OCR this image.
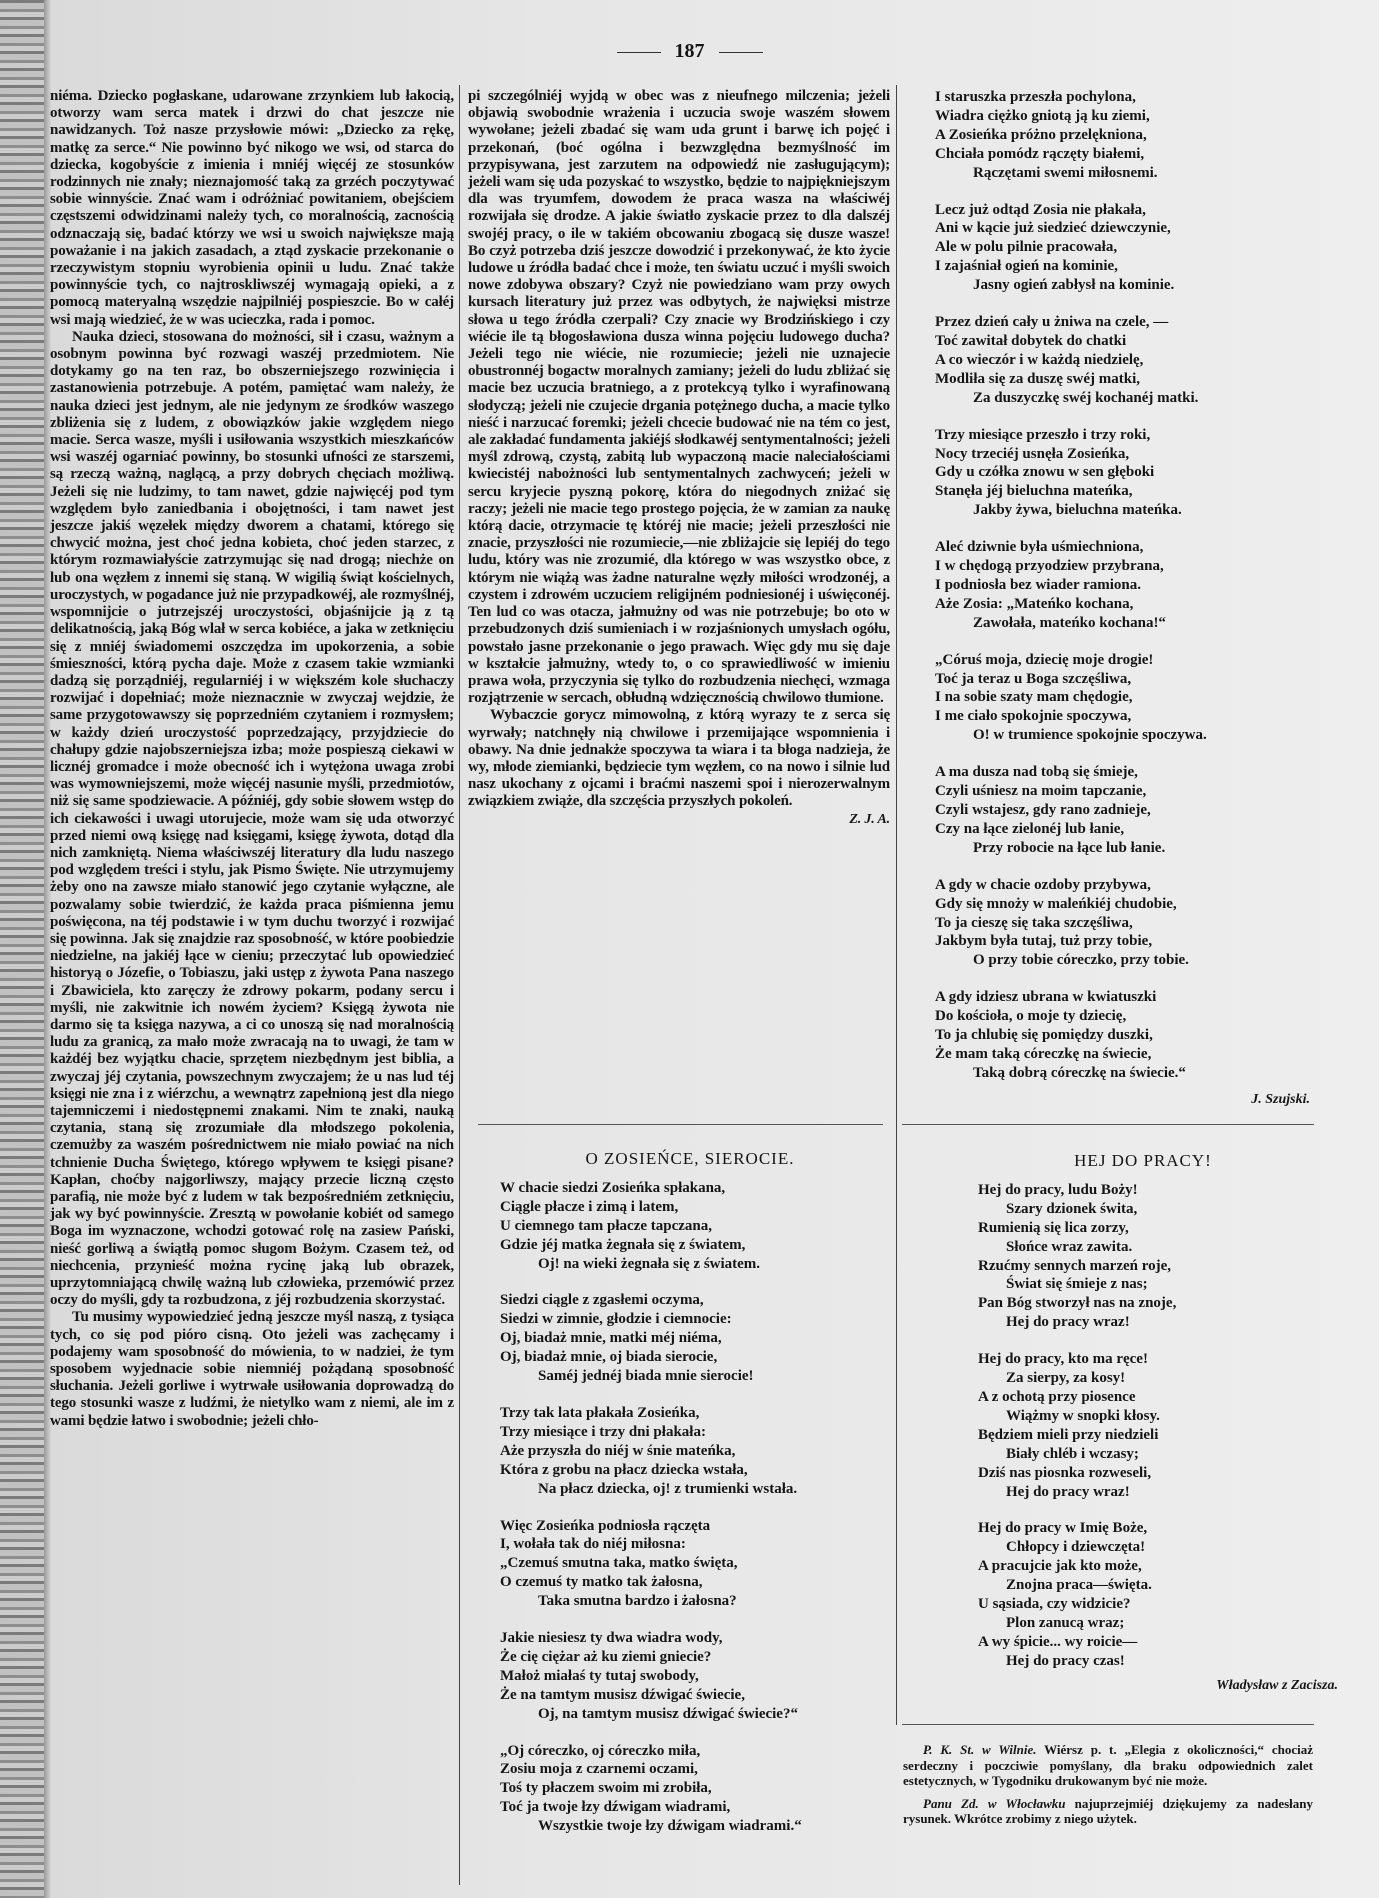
187

niéma. Dziecko pogłaskane, udarowane zrzynkiem lub łakocią, otworzy wam serca matek i drzwi do chat jeszcze nie nawidzanych. Toż nasze przysłowie mówi: „Dziecko za rękę, matkę za serce.“ Nie powinno być nikogo we wsi, od starca do dziecka, kogobyście z imienia i mniéj więcéj ze stosunków rodzinnych nie znały; nieznajomość taką za grzéch poczytywać sobie winnyście. Znać wam i odróżniać powitaniem, obejściem częstszemi odwidzinami należy tych, co moralnością, zacnością odznaczają się, badać którzy we wsi u swoich największe mają poważanie i na jakich zasadach, a ztąd zyskacie przekonanie o rzeczywistym stopniu wyrobienia opinii u ludu. Znać także powinnyście tych, co najtroskliwszéj wymagają opieki, a z pomocą materyalną wszędzie najpilniéj pospieszcie. Bo w całéj wsi mają wiedzieć, że w was ucieczka, rada i pomoc.

Nauka dzieci, stosowana do możności, sił i czasu, ważnym a osobnym powinna być rozwagi waszéj przedmiotem. Nie dotykamy go na ten raz, bo obszerniejszego rozwinięcia i zastanowienia potrzebuje. A potém, pamiętać wam należy, że nauka dzieci jest jednym, ale nie jedynym ze środków waszego zbliżenia się z ludem, z obowiązków jakie względem niego macie. Serca wasze, myśli i usiłowania wszystkich mieszkańców wsi waszéj ogarniać powinny, bo stosunki ufności ze starszemi, są rzeczą ważną, naglącą, a przy dobrych chęciach możliwą. Jeżeli się nie ludzimy, to tam nawet, gdzie najwięcéj pod tym względem było zaniedbania i obojętności, i tam nawet jest jeszcze jakiś węzełek między dworem a chatami, którego się chwycić można, jest choć jedna kobieta, choć jeden starzec, z którym rozmawiałyście zatrzymując się nad drogą; niechże on lub ona węzłem z innemi się staną. W wigilią świąt kościelnych, uroczystych, w pogadance już nie przypadkowéj, ale rozmyślnéj, wspomnijcie o jutrzejszéj uroczystości, objaśnijcie ją z tą delikatnością, jaką Bóg wlał w serca kobiéce, a jaka w zetknięciu się z mniéj świadomemi oszczędza im upokorzenia, a sobie śmieszności, którą pycha daje. Może z czasem takie wzmianki dadzą się porządniéj, regularniéj i w większém kole słuchaczy rozwijać i dopełniać; może nieznacznie w zwyczaj wejdzie, że same przygotowawszy się poprzedniém czytaniem i rozmysłem; w każdy dzień uroczystość poprzedzający, przyjdziecie do chałupy gdzie najobszerniejsza izba; może pospieszą ciekawi w licznéj gromadce i może obecność ich i wytężona uwaga zrobi was wymowniejszemi, może więcéj nasunie myśli, przedmiotów, niż się same spodziewacie. A późniéj, gdy sobie słowem wstęp do ich ciekawości i uwagi utorujecie, może wam się uda otworzyć przed niemi ową księgę nad księgami, księgę żywota, dotąd dla nich zamkniętą. Niema właściwszéj literatury dla ludu naszego pod względem treści i stylu, jak Pismo Święte. Nie utrzymujemy żeby ono na zawsze miało stanowić jego czytanie wyłączne, ale pozwalamy sobie twierdzić, że każda praca piśmienna jemu poświęcona, na téj podstawie i w tym duchu tworzyć i rozwijać się powinna. Jak się znajdzie raz sposobność, w które poobiedzie niedzielne, na jakiéj łące w cieniu; przeczytać lub opowiedzieć historyą o Józefie, o Tobiaszu, jaki ustęp z żywota Pana naszego i Zbawiciela, kto zaręczy że zdrowy pokarm, podany sercu i myśli, nie zakwitnie ich nowém życiem? Księgą żywota nie darmo się ta księga nazywa, a ci co unoszą się nad moralnością ludu za granicą, za mało może zwracają na to uwagi, że tam w każdéj bez wyjątku chacie, sprzętem niezbędnym jest biblia, a zwyczaj jéj czytania, powszechnym zwyczajem; że u nas lud téj księgi nie zna i z wiérzchu, a wewnątrz zapełnioną jest dla niego tajemniczemi i niedostępnemi znakami. Nim te znaki, nauką czytania, staną się zrozumiałe dla młodszego pokolenia, czemużby za waszém pośrednictwem nie miało powiać na nich tchnienie Ducha Świętego, którego wpływem te księgi pisane? Kapłan, choćby najgorliwszy, mający przecie liczną często parafią, nie może być z ludem w tak bezpośredniém zetknięciu, jak wy być powinnyście. Zresztą w powołanie kobiét od samego Boga im wyznaczone, wchodzi gotować rolę na zasiew Pański, nieść gorliwą a świątłą pomoc sługom Bożym. Czasem też, od niechcenia, przynieść można rycinę jaką lub obrazek, uprzytomniającą chwilę ważną lub człowieka, przemówić przez oczy do myśli, gdy ta rozbudzona, z jéj rozbudzenia skorzystać.

Tu musimy wypowiedzieć jedną jeszcze myśl naszą, z tysiąca tych, co się pod pióro cisną. Oto jeżeli was zachęcamy i podajemy wam sposobność do mówienia, to w nadziei, że tym sposobem wyjednacie sobie niemniéj pożądaną sposobność słuchania. Jeżeli gorliwe i wytrwałe usiłowania doprowadzą do tego stosunki wasze z ludźmi, że nietylko wam z niemi, ale im z wami będzie łatwo i swobodnie; jeżeli chło-

pi szczególniéj wyjdą w obec was z nieufnego milczenia; jeżeli objawią swobodnie wrażenia i uczucia swoje waszém słowem wywołane; jeżeli zbadać się wam uda grunt i barwę ich pojęć i przekonań, (boć ogólna i bezwzględna bezmyślność im przypisywana, jest zarzutem na odpowiedź nie zasługującym); jeżeli wam się uda pozyskać to wszystko, będzie to najpiękniejszym dla was tryumfem, dowodem że praca wasza na właściwéj rozwijała się drodze. A jakie światło zyskacie przez to dla dalszéj swojéj pracy, o ile w takiém obcowaniu zbogacą się dusze wasze! Bo czyż potrzeba dziś jeszcze dowodzić i przekonywać, że kto życie ludowe u źródła badać chce i może, ten światu uczuć i myśli swoich nowe zdobywa obszary? Czyż nie powiedziano wam przy owych kursach literatury już przez was odbytych, że najwięksi mistrze słowa u tego źródła czerpali? Czy znacie wy Brodzińskiego i czy wiécie ile tą błogosławiona dusza winna pojęciu ludowego ducha? Jeżeli tego nie wiécie, nie rozumiecie; jeżeli nie uznajecie obustronnéj bogactw moralnych zamiany; jeżeli do ludu zbliżać się macie bez uczucia bratniego, a z protekcyą tylko i wyrafinowaną słodyczą; jeżeli nie czujecie drgania potężnego ducha, a macie tylko nieść i narzucać foremki; jeżeli chcecie budować nie na tém co jest, ale zakładać fundamenta jakiéjś słodkawéj sentymentalności; jeżeli myśl zdrową, czystą, zabitą lub wypaczoną macie naleciałościami kwiecistéj nabożności lub sentymentalnych zachwyceń; jeżeli w sercu kryjecie pyszną pokorę, która do niegodnych zniżać się raczy; jeżeli nie macie tego prostego pojęcia, że w zamian za naukę którą dacie, otrzymacie tę któréj nie macie; jeżeli przeszłości nie znacie, przyszłości nie rozumiecie,—nie zbliżajcie się lepiéj do tego ludu, który was nie zrozumié, dla którego w was wszystko obce, z którym nie wiążą was żadne naturalne węzły miłości wrodzonéj, a czystem i zdrowém uczuciem religijném podniesionéj i uświęconéj. Ten lud co was otacza, jałmużny od was nie potrzebuje; bo oto w przebudzonych dziś sumieniach i w rozjaśnionych umysłach ogółu, powstało jasne przekonanie o jego prawach. Więc gdy mu się daje w kształcie jałmużny, wtedy to, o co sprawiedliwość w imieniu prawa woła, przyczynia się tylko do rozbudzenia niechęci, wzmaga rozjątrzenie w sercach, obłudną wdzięcznością chwilowo tłumione.

Wybaczcie gorycz mimowolną, z którą wyrazy te z serca się wyrwały; natchnęły nią chwilowe i przemijające wspomnienia i obawy. Na dnie jednakże spoczywa ta wiara i ta błoga nadzieja, że wy, młode ziemianki, będziecie tym węzłem, co na nowo i silnie lud nasz ukochany z ojcami i braćmi naszemi spoi i nierozerwalnym związkiem zwiąże, dla szczęścia przyszłych pokoleń.

Z. J. A.
O ZOSIEŃCE, SIEROCIE.
W chacie siedzi Zosieńka spłakana,
Ciągle płacze i zimą i latem,
U ciemnego tam płacze tapczana,
Gdzie jéj matka żegnała się z światem,
Oj! na wieki żegnała się z światem.
Siedzi ciągle z zgasłemi oczyma,
Siedzi w zimnie, głodzie i ciemnocie:
Oj, biadaż mnie, matki méj niéma,
Oj, biadaż mnie, oj biada sierocie,
Saméj jednéj biada mnie sierocie!
Trzy tak lata płakała Zosieńka,
Trzy miesiące i trzy dni płakała:
Aże przyszła do niéj w śnie mateńka,
Która z grobu na płacz dziecka wstała,
Na płacz dziecka, oj! z trumienki wstała.
Więc Zosieńka podniosła rączęta
I, wołała tak do niéj miłosna:
„Czemuś smutna taka, matko święta,
O czemuś ty matko tak żałosna,
Taka smutna bardzo i żałosna?
Jakie niesiesz ty dwa wiadra wody,
Że cię ciężar aż ku ziemi gniecie?
Małoż miałaś ty tutaj swobody,
Że na tamtym musisz dźwigać świecie,
Oj, na tamtym musisz dźwigać świecie?“
„Oj córeczko, oj córeczko miła,
Zosiu moja z czarnemi oczami,
Toś ty płaczem swoim mi zrobiła,
Toć ja twoje łzy dźwigam wiadrami,
Wszystkie twoje łzy dźwigam wiadrami.“
I staruszka przeszła pochylona,
Wiadra ciężko gniotą ją ku ziemi,
A Zosieńka próżno przelękniona,
Chciała pomódz rączęty białemi,
Rączętami swemi miłosnemi.
Lecz już odtąd Zosia nie płakała,
Ani w kącie już siedzieć dziewczynie,
Ale w polu pilnie pracowała,
I zajaśniał ogień na kominie,
Jasny ogień zabłysł na kominie.
Przez dzień cały u żniwa na czele, —
Toć zawitał dobytek do chatki
A co wieczór i w każdą niedzielę,
Modliła się za duszę swéj matki,
Za duszyczkę swéj kochanéj matki.
Trzy miesiące przeszło i trzy roki,
Nocy trzeciéj usnęła Zosieńka,
Gdy u czółka znowu w sen głęboki
Stanęła jéj bieluchna mateńka,
Jakby żywa, bieluchna mateńka.
Aleć dziwnie była uśmiechniona,
I w chędogą przyodziew przybrana,
I podniosła bez wiader ramiona.
Aże Zosia: „Mateńko kochana,
Zawołała, mateńko kochana!“
„Córuś moja, dziecię moje drogie!
Toć ja teraz u Boga szczęśliwa,
I na sobie szaty mam chędogie,
I me ciało spokojnie spoczywa,
O! w trumience spokojnie spoczywa.
A ma dusza nad tobą się śmieje,
Czyli uśniesz na moim tapczanie,
Czyli wstajesz, gdy rano zadnieje,
Czy na łące zielonéj lub łanie,
Przy robocie na łące lub łanie.
A gdy w chacie ozdoby przybywa,
Gdy się mnoży w maleńkiéj chudobie,
To ja cieszę się taka szczęśliwa,
Jakbym była tutaj, tuż przy tobie,
O przy tobie córeczko, przy tobie.
A gdy idziesz ubrana w kwiatuszki
Do kościoła, o moje ty dziecię,
To ja chlubię się pomiędzy duszki,
Że mam taką córeczkę na świecie,
Taką dobrą córeczkę na świecie.“
J. Szujski.
HEJ DO PRACY!
Hej do pracy, ludu Boży!
Szary dzionek świta,
Rumienią się lica zorzy,
Słońce wraz zawita.
Rzućmy sennych marzeń roje,
Świat się śmieje z nas;
Pan Bóg stworzył nas na znoje,
Hej do pracy wraz!
Hej do pracy, kto ma ręce!
Za sierpy, za kosy!
A z ochotą przy piosence
Wiążmy w snopki kłosy.
Będziem mieli przy niedzieli
Biały chléb i wczasy;
Dziś nas piosnka rozweseli,
Hej do pracy wraz!
Hej do pracy w Imię Boże,
Chłopcy i dziewczęta!
A pracujcie jak kto może,
Znojna praca—święta.
U sąsiada, czy widzicie?
Plon zanucą wraz;
A wy śpicie... wy roicie—
Hej do pracy czas!
Władysław z Zacisza.

P. K. St. w Wilnie. Wiérsz p. t. „Elegia z okoliczności,“ chociaż serdeczny i poczciwie pomyślany, dla braku odpowiednich zalet estetycznych, w Tygodniku drukowanym być nie może.

Panu Zd. w Włocławku najuprzejmiéj dziękujemy za nadesłany rysunek. Wkrótce zrobimy z niego użytek.
